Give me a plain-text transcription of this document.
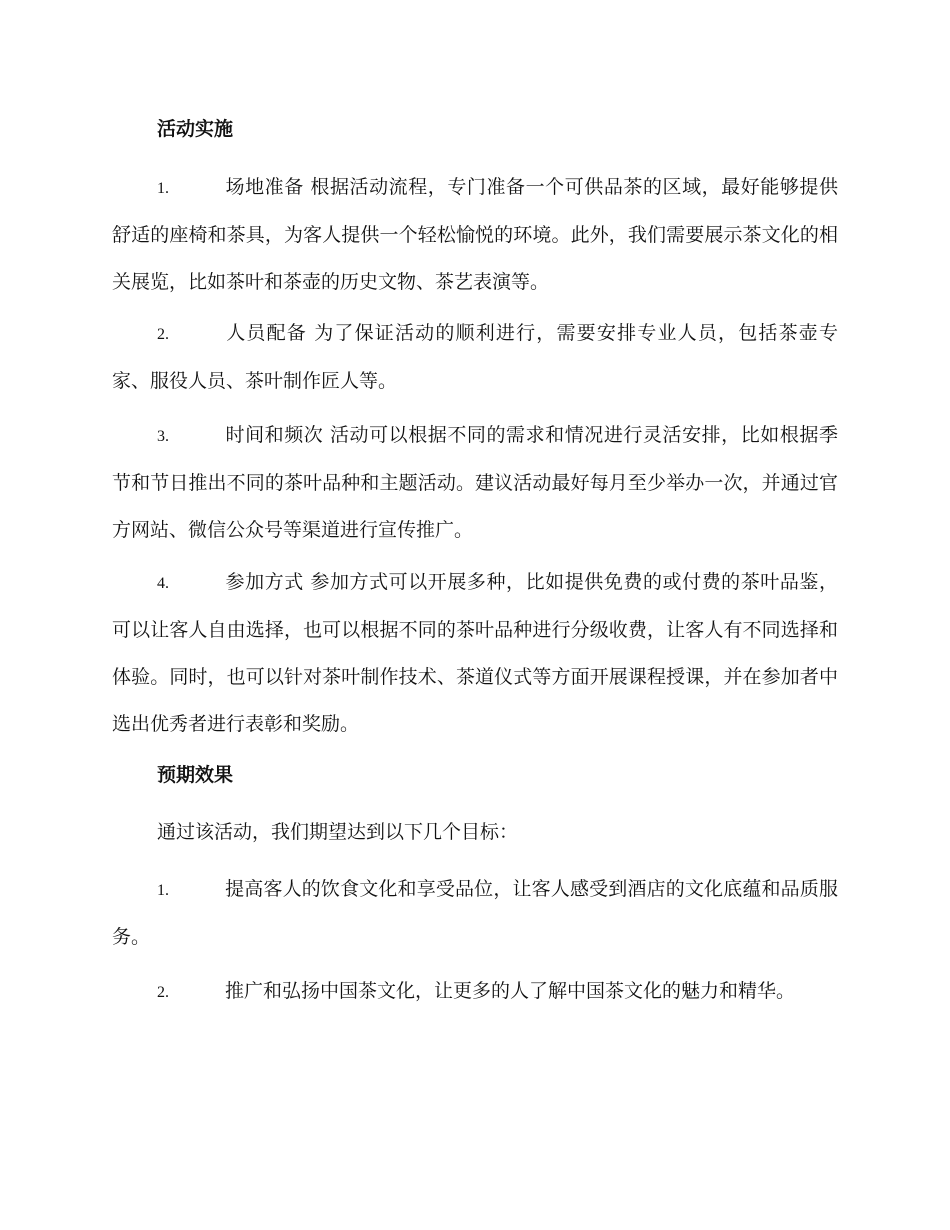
活动实施
1.	场地准备 根据活动流程，专门准备一个可供品茶的区域，最好能够提供舒适的座椅和茶具，为客人提供一个轻松愉悦的环境。此外，我们需要展示茶文化的相关展览，比如茶叶和茶壶的历史文物、茶艺表演等。
2.	人员配备 为了保证活动的顺利进行，需要安排专业人员，包括茶壶专家、服役人员、茶叶制作匠人等。
3.	时间和频次 活动可以根据不同的需求和情况进行灵活安排，比如根据季节和节日推出不同的茶叶品种和主题活动。建议活动最好每月至少举办一次，并通过官方网站、微信公众号等渠道进行宣传推广。
4.	参加方式 参加方式可以开展多种，比如提供免费的或付费的茶叶品鉴，可以让客人自由选择，也可以根据不同的茶叶品种进行分级收费，让客人有不同选择和体验。同时，也可以针对茶叶制作技术、茶道仪式等方面开展课程授课，并在参加者中选出优秀者进行表彰和奖励。
预期效果
通过该活动，我们期望达到以下几个目标：
1.	提高客人的饮食文化和享受品位，让客人感受到酒店的文化底蕴和品质服务。
2.	推广和弘扬中国茶文化，让更多的人了解中国茶文化的魅力和精华。
